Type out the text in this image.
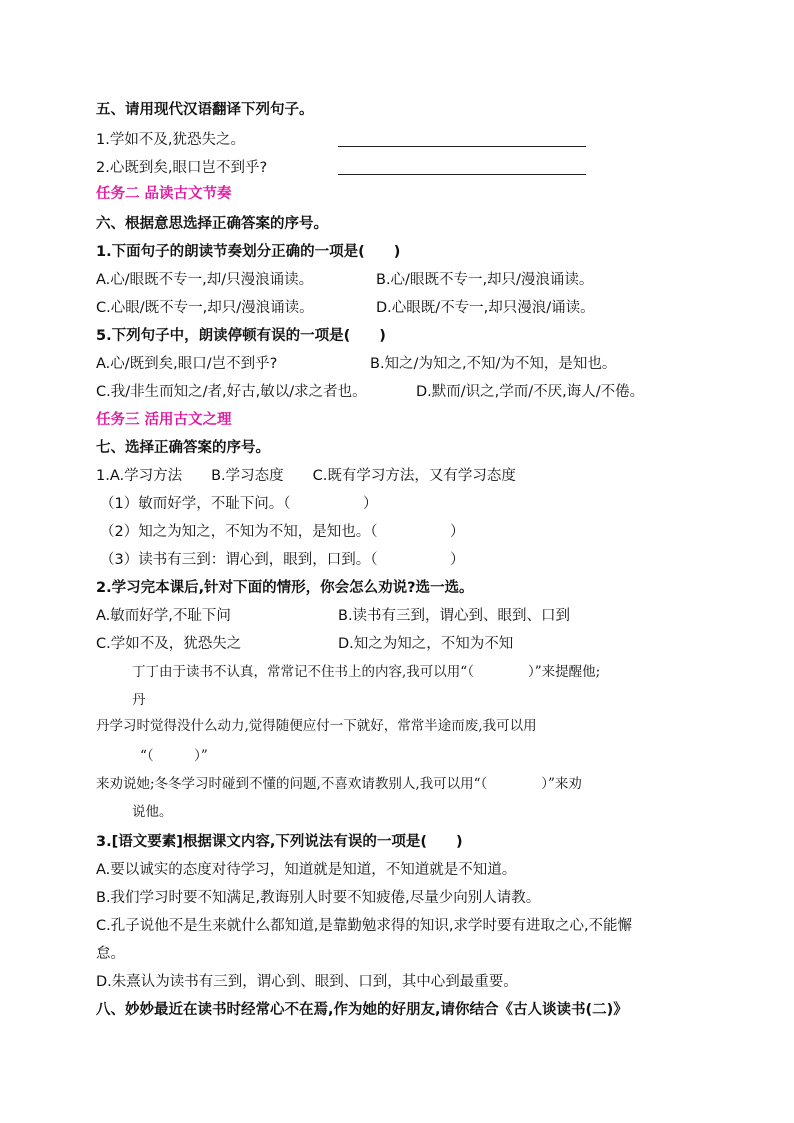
五、请用现代汉语翻译下列句子。
1.学如不及,犹恐失之。
2.心既到矣,眼口岂不到乎?
任务二 品读古文节奏
六、根据意思选择正确答案的序号。
1.下面句子的朗读节奏划分正确的一项是(　　)
A.心/眼既不专一,却/只漫浪诵读。	B.心/眼既不专一,却只/漫浪诵读。
C.心眼/既不专一,却只/漫浪诵读。	D.心眼既/不专一,却只漫浪/诵读。
5.下列句子中，朗读停顿有误的一项是(　　)
A.心/既到矣,眼口/岂不到乎?	B.知之/为知之,不知/为不知，是知也。
C.我/非生而知之/者,好古,敏以/求之者也。	D.默而/识之,学而/不厌,诲人/不倦。
任务三 活用古文之理
七、选择正确答案的序号。
1.A.学习方法　　B.学习态度　　C.既有学习方法，又有学习态度
（1）敏而好学，不耻下问。（　　　　　）
（2）知之为知之，不知为不知，是知也。（　　　　　）
（3）读书有三到：谓心到，眼到，口到。（　　　　　）
2.学习完本课后,针对下面的情形，你会怎么劝说?选一选。
A.敏而好学,不耻下问	B.读书有三到，谓心到、眼到、口到
C.学如不及，犹恐失之	D.知之为知之，不知为不知
丁丁由于读书不认真，常常记不住书上的内容,我可以用“（　　　　）”来提醒他;
丹
丹学习时觉得没什么动力,觉得随便应付一下就好，常常半途而废,我可以用
“（　　　）”
来劝说她;冬冬学习时碰到不懂的问题,不喜欢请教别人,我可以用“（　　　　）”来劝
说他。
3.[语文要素]根据课文内容,下列说法有误的一项是(　　)
A.要以诚实的态度对待学习，知道就是知道，不知道就是不知道。
B.我们学习时要不知满足,教诲别人时要不知疲倦,尽量少向别人请教。
C.孔子说他不是生来就什么都知道,是靠勤勉求得的知识,求学时要有进取之心,不能懈
怠。
D.朱熹认为读书有三到，谓心到、眼到、口到，其中心到最重要。
八、妙妙最近在读书时经常心不在焉,作为她的好朋友,请你结合《古人谈读书(二)》
